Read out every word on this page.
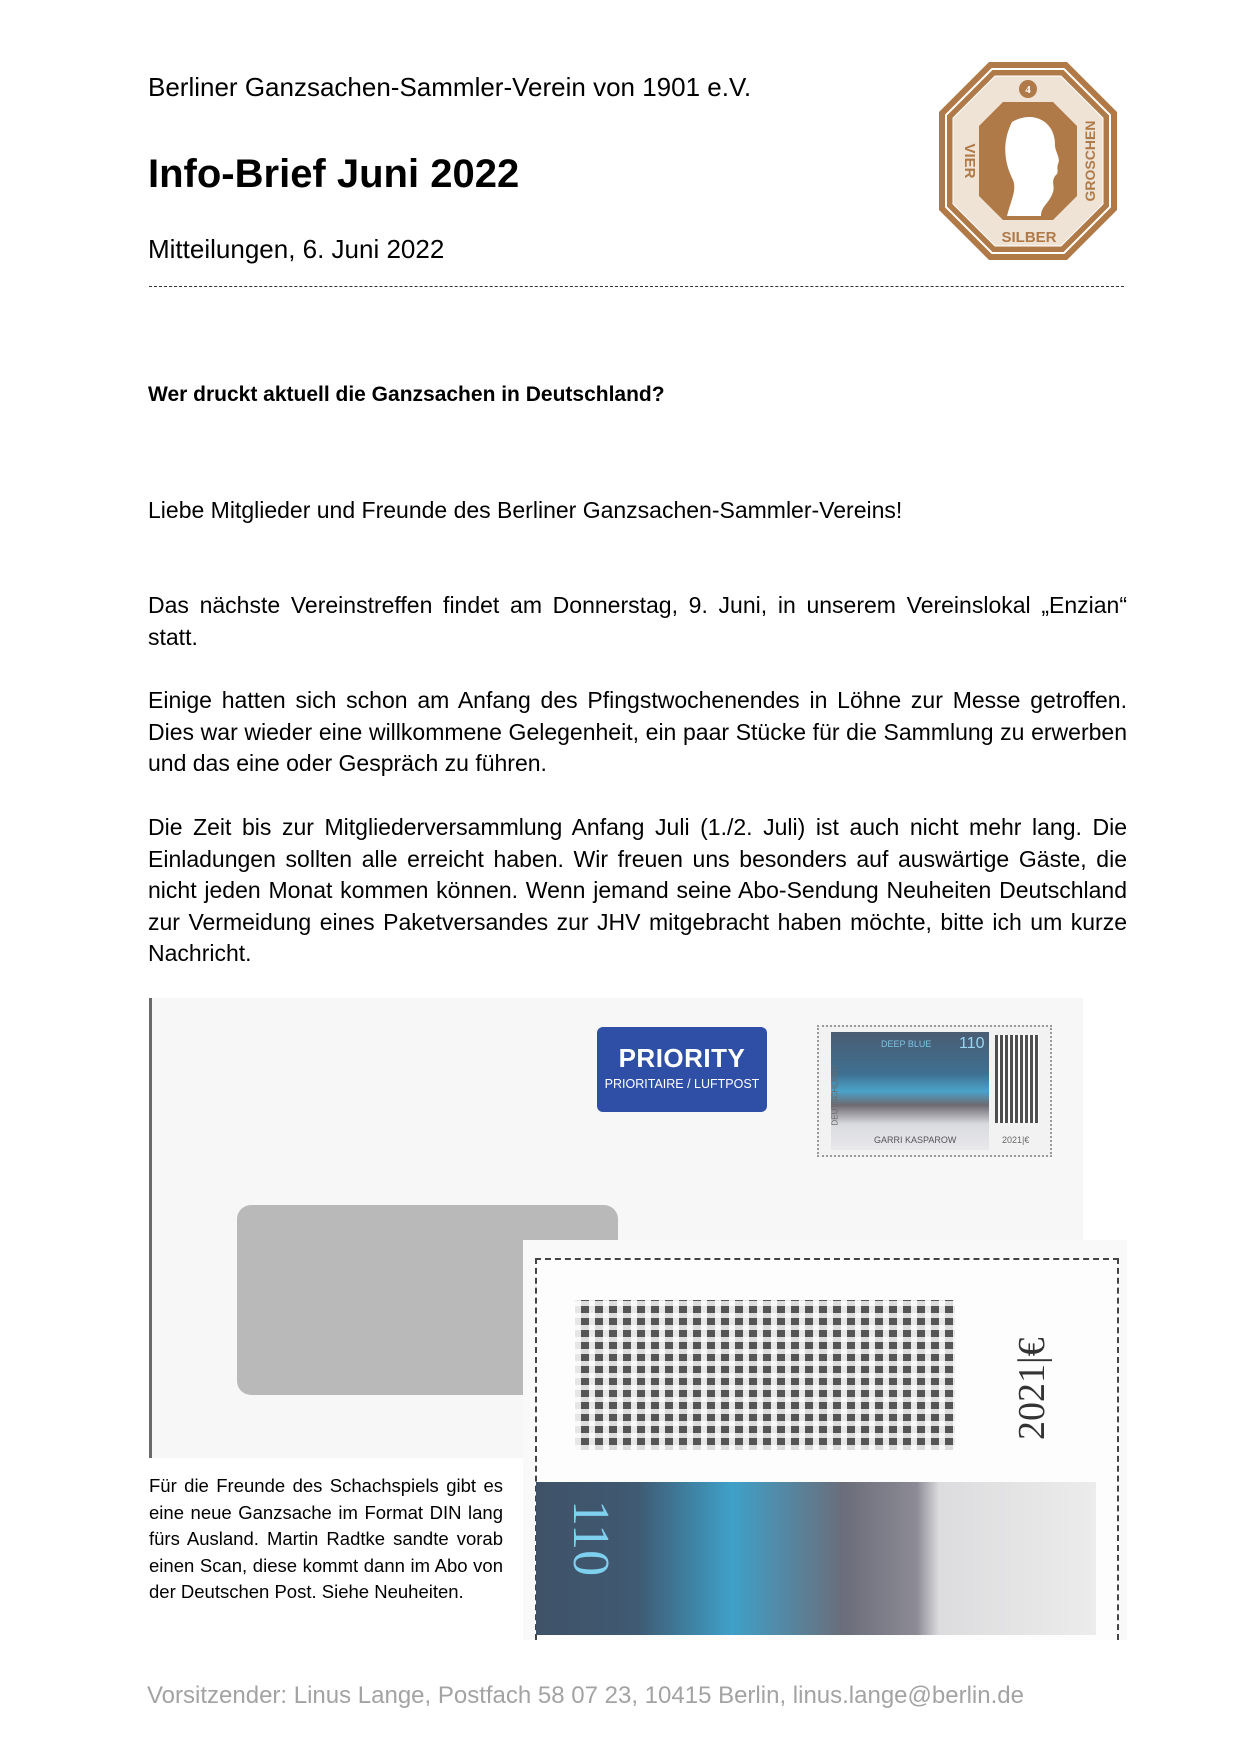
Berliner Ganzsachen-Sammler-Verein von 1901 e.V.
Info-Brief Juni 2022
Mitteilungen, 6. Juni 2022
4
VIER
SILBER
GROSCHEN
Wer druckt aktuell die Ganzsachen in Deutschland?
Liebe Mitglieder und Freunde des Berliner Ganzsachen-Sammler-Vereins!
Das nächste Vereinstreffen findet am Donnerstag, 9. Juni, in unserem Vereinslokal „Enzian“ statt.
Einige hatten sich schon am Anfang des Pfingstwochenendes in Löhne zur Messe getroffen. Dies war wieder eine willkommene Gelegenheit, ein paar Stücke für die Sammlung zu erwerben und das eine oder Gespräch zu führen.
Die Zeit bis zur Mitgliederversammlung Anfang Juli (1./2. Juli) ist auch nicht mehr lang. Die Einladungen sollten alle erreicht haben. Wir freuen uns besonders auf auswärtige Gäste, die nicht jeden Monat kommen können. Wenn jemand seine Abo-Sendung Neuheiten Deutschland zur Vermeidung eines Paketversandes zur JHV mitgebracht haben möchte, bitte ich um kurze Nachricht.
PRIORITY
PRIORITAIRE / LUFTPOST
DEEP BLUE 110
DEUTSCHLAND
GARRI KASPAROW	2021|€
2021|€
110
Für die Freunde des Schachspiels gibt es eine neue Ganzsache im Format DIN lang fürs Ausland. Martin Radtke sandte vorab einen Scan, diese kommt dann im Abo von der Deutschen Post. Siehe Neuheiten.
Vorsitzender: Linus Lange, Postfach 58 07 23, 10415 Berlin, linus.lange@berlin.de
